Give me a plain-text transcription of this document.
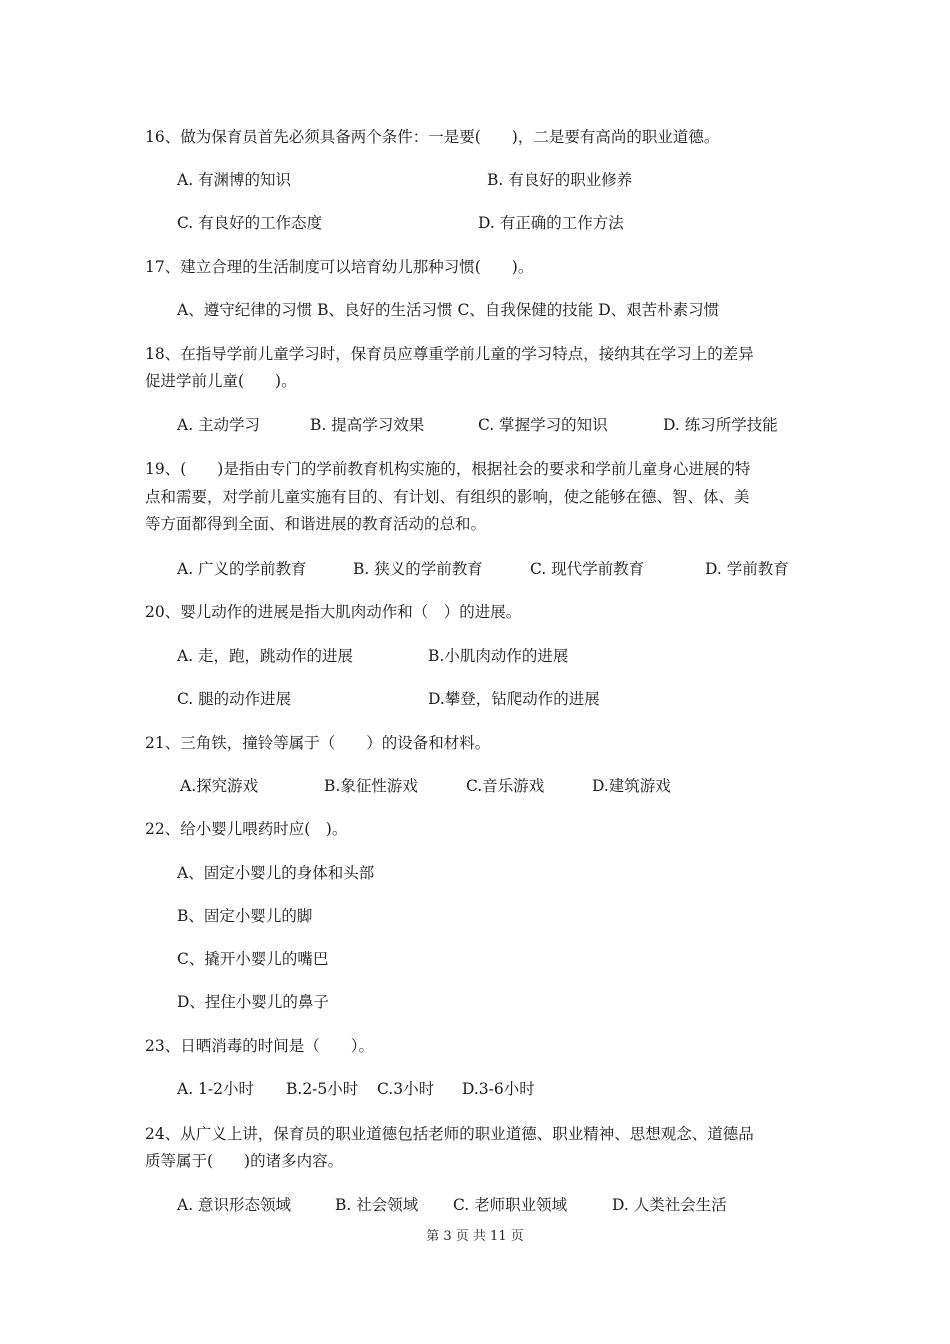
16、做为保育员首先必须具备两个条件：一是要(　　)，二是要有高尚的职业道德。
A. 有渊博的知识	B. 有良好的职业修养
C. 有良好的工作态度	D. 有正确的工作方法
17、建立合理的生活制度可以培育幼儿那种习惯(　　)。
A、遵守纪律的习惯 B、良好的生活习惯 C、自我保健的技能 D、艰苦朴素习惯
18、在指导学前儿童学习时，保育员应尊重学前儿童的学习特点，接纳其在学习上的差异
促进学前儿童(　　)。
A. 主动学习	B. 提高学习效果	C. 掌握学习的知识	D. 练习所学技能
19、(　　)是指由专门的学前教育机构实施的，根据社会的要求和学前儿童身心进展的特
点和需要，对学前儿童实施有目的、有计划、有组织的影响，使之能够在德、智、体、美
等方面都得到全面、和谐进展的教育活动的总和。
A. 广义的学前教育	B. 狭义的学前教育	C. 现代学前教育	D. 学前教育
20、婴儿动作的进展是指大肌肉动作和（　）的进展。
A. 走，跑，跳动作的进展	B.小肌肉动作的进展
C. 腿的动作进展	D.攀登，钻爬动作的进展
21、三角铁，撞铃等属于（　　）的设备和材料。
A.探究游戏	B.象征性游戏	C.音乐游戏	D.建筑游戏
22、给小婴儿喂药时应(　)。
A、固定小婴儿的身体和头部
B、固定小婴儿的脚
C、撬开小婴儿的嘴巴
D、捏住小婴儿的鼻子
23、日晒消毒的时间是（　　）。
A. 1-2小时 B.2-5小时 C.3小时 D.3-6小时
24、从广义上讲，保育员的职业道德包括老师的职业道德、职业精神、思想观念、道德品
质等属于(　　)的诸多内容。
A. 意识形态领域	B. 社会领域 C. 老师职业领域	D. 人类社会生活
第 3 页 共 11 页
